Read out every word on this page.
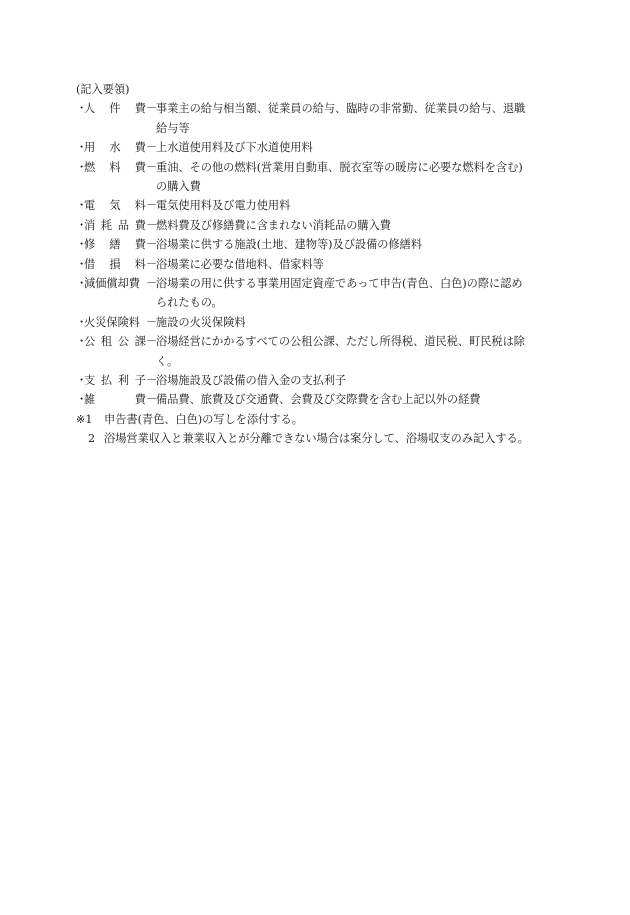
(記入要領)
・
人 件 費 －
事業主の給与相当額、従業員の給与、臨時の非常勤、従業員の給与、退職
給与等
・
用 水 費 －
上水道使用料及び下水道使用料
・
燃 料 費 －
重油、その他の燃料(営業用自動車、脱衣室等の暖房に必要な燃料を含む)
の購入費
・
電 気 料 －
電気使用料及び電力使用料
・
消 耗 品 費 －
燃料費及び修繕費に含まれない消耗品の購入費
・
修 繕 費 －
浴場業に供する施設(土地、建物等)及び設備の修繕料
・
借 損 料 －
浴場業に必要な借地料、借家料等
・
減価償却費 －
浴場業の用に供する事業用固定資産であって申告(青色、白色)の際に認め
られたもの。
・
火災保険料 －
施設の火災保険料
・
公 租 公 課 －
浴場経営にかかるすべての公租公課、ただし所得税、道民税、町民税は除
く。
・
支 払 利 子 －
浴場施設及び設備の借入金の支払利子
・
雑	費 －
備品費、旅費及び交通費、会費及び交際費を含む上記以外の経費
※1	申告書(青色、白色)の写しを添付する。
2 浴場営業収入と兼業収入とが分離できない場合は案分して、浴場収支のみ記入する。
